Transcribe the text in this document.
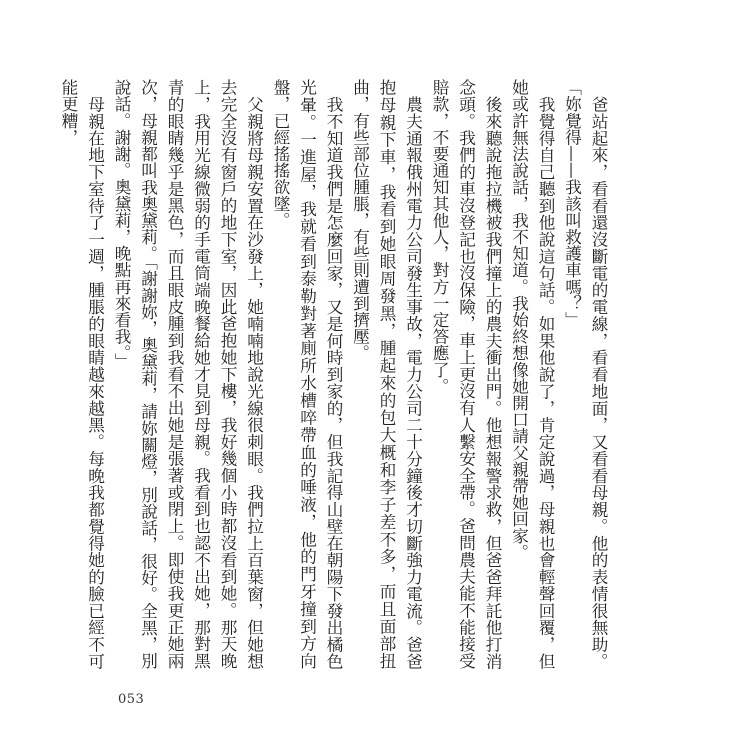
爸站起來，看看還沒斷電的電線，看看地面，又看看母親。他的表情很無助。「妳覺得——我該叫救護車嗎？」

我覺得自己聽到他說這句話。如果他說了，肯定說過，母親也會輕聲回覆，但她或許無法說話，我不知道。我始終想像她開口請父親帶她回家。

後來聽說拖拉機被我們撞上的農夫衝出門。他想報警求救，但爸爸拜託他打消念頭。我們的車沒登記也沒保險，車上更沒有人繫安全帶。爸問農夫能不能接受賠款，不要通知其他人，對方一定答應了。

農夫通報俄州電力公司發生事故，電力公司二十分鐘後才切斷強力電流。爸爸抱母親下車，我看到她眼周發黑，腫起來的包大概和李子差不多，而且面部扭曲，有些部位腫脹，有些則遭到擠壓。

我不知道我們是怎麼回家，又是何時到家的，但我記得山壁在朝陽下發出橘色光暈。一進屋，我就看到泰勒對著廁所水槽啐帶血的唾液，他的門牙撞到方向盤，已經搖搖欲墜。

父親將母親安置在沙發上，她喃喃地說光線很刺眼。我們拉上百葉窗，但她想去完全沒有窗戶的地下室，因此爸抱她下樓，我好幾個小時都沒看到她。那天晚上，我用光線微弱的手電筒端晚餐給她才見到母親。我看到也認不出她，那對黑青的眼睛幾乎是黑色，而且眼皮腫到我看不出她是張著或閉上。即使我更正她兩次，母親都叫我奧黛莉。「謝謝妳，奧黛莉，請妳關燈，別說話，很好。全黑，別說話。謝謝。奧黛莉，晚點再來看我。」

母親在地下室待了一週，腫脹的眼睛越來越黑。每晚我都覺得她的臉已經不可能更糟，

053
